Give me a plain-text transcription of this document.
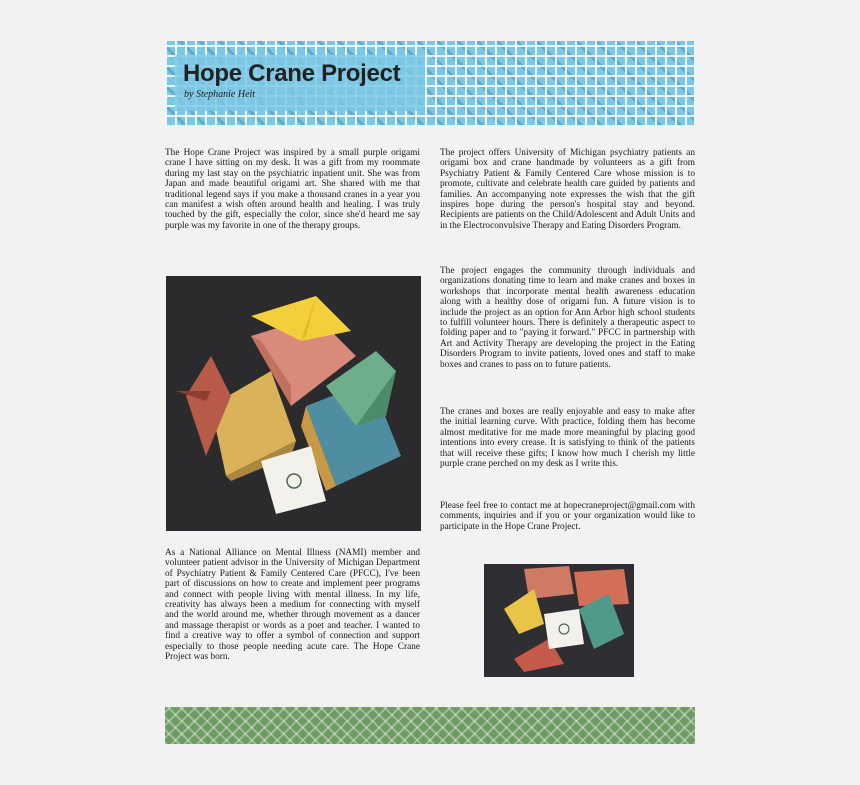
Hope Crane Project
by Stephanie Heit

The Hope Crane Project was inspired by a small purple origami crane I have sitting on my desk. It was a gift from my roommate during my last stay on the psychiatric inpatient unit. She was from Japan and made beautiful origami art. She shared with me that traditional legend says if you make a thousand cranes in a year you can manifest a wish often around health and healing. I was truly touched by the gift, especially the color, since she'd heard me say purple was my favorite in one of the therapy groups.

As a National Alliance on Mental Illness (NAMI) member and volunteer patient advisor in the University of Michigan Department of Psychiatry Patient & Family Centered Care (PFCC), I've been part of discussions on how to create and implement peer programs and connect with people living with mental illness. In my life, creativity has always been a medium for connecting with myself and the world around me, whether through movement as a dancer and massage therapist or words as a poet and teacher. I wanted to find a creative way to offer a symbol of connection and support especially to those people needing acute care. The Hope Crane Project was born.

The project offers University of Michigan psychiatry patients an origami box and crane handmade by volunteers as a gift from Psychiatry Patient & Family Centered Care whose mission is to promote, cultivate and celebrate health care guided by patients and families. An accompanying note expresses the wish that the gift inspires hope during the person's hospital stay and beyond. Recipients are patients on the Child/Adolescent and Adult Units and in the Electroconvulsive Therapy and Eating Disorders Program.

The project engages the community through individuals and organizations donating time to learn and make cranes and boxes in workshops that incorporate mental health awareness education along with a healthy dose of origami fun. A future vision is to include the project as an option for Ann Arbor high school students to fulfill volunteer hours. There is definitely a therapeutic aspect to folding paper and to "paying it forward." PFCC in partnership with Art and Activity Therapy are developing the project in the Eating Disorders Program to invite patients, loved ones and staff to make boxes and cranes to pass on to future patients.

The cranes and boxes are really enjoyable and easy to make after the initial learning curve. With practice, folding them has become almost meditative for me made more meaningful by placing good intentions into every crease. It is satisfying to think of the patients that will receive these gifts; I know how much I cherish my little purple crane perched on my desk as I write this.

Please feel free to contact me at hopecraneproject@gmail.com with comments, inquiries and if you or your organization would like to participate in the Hope Crane Project.
